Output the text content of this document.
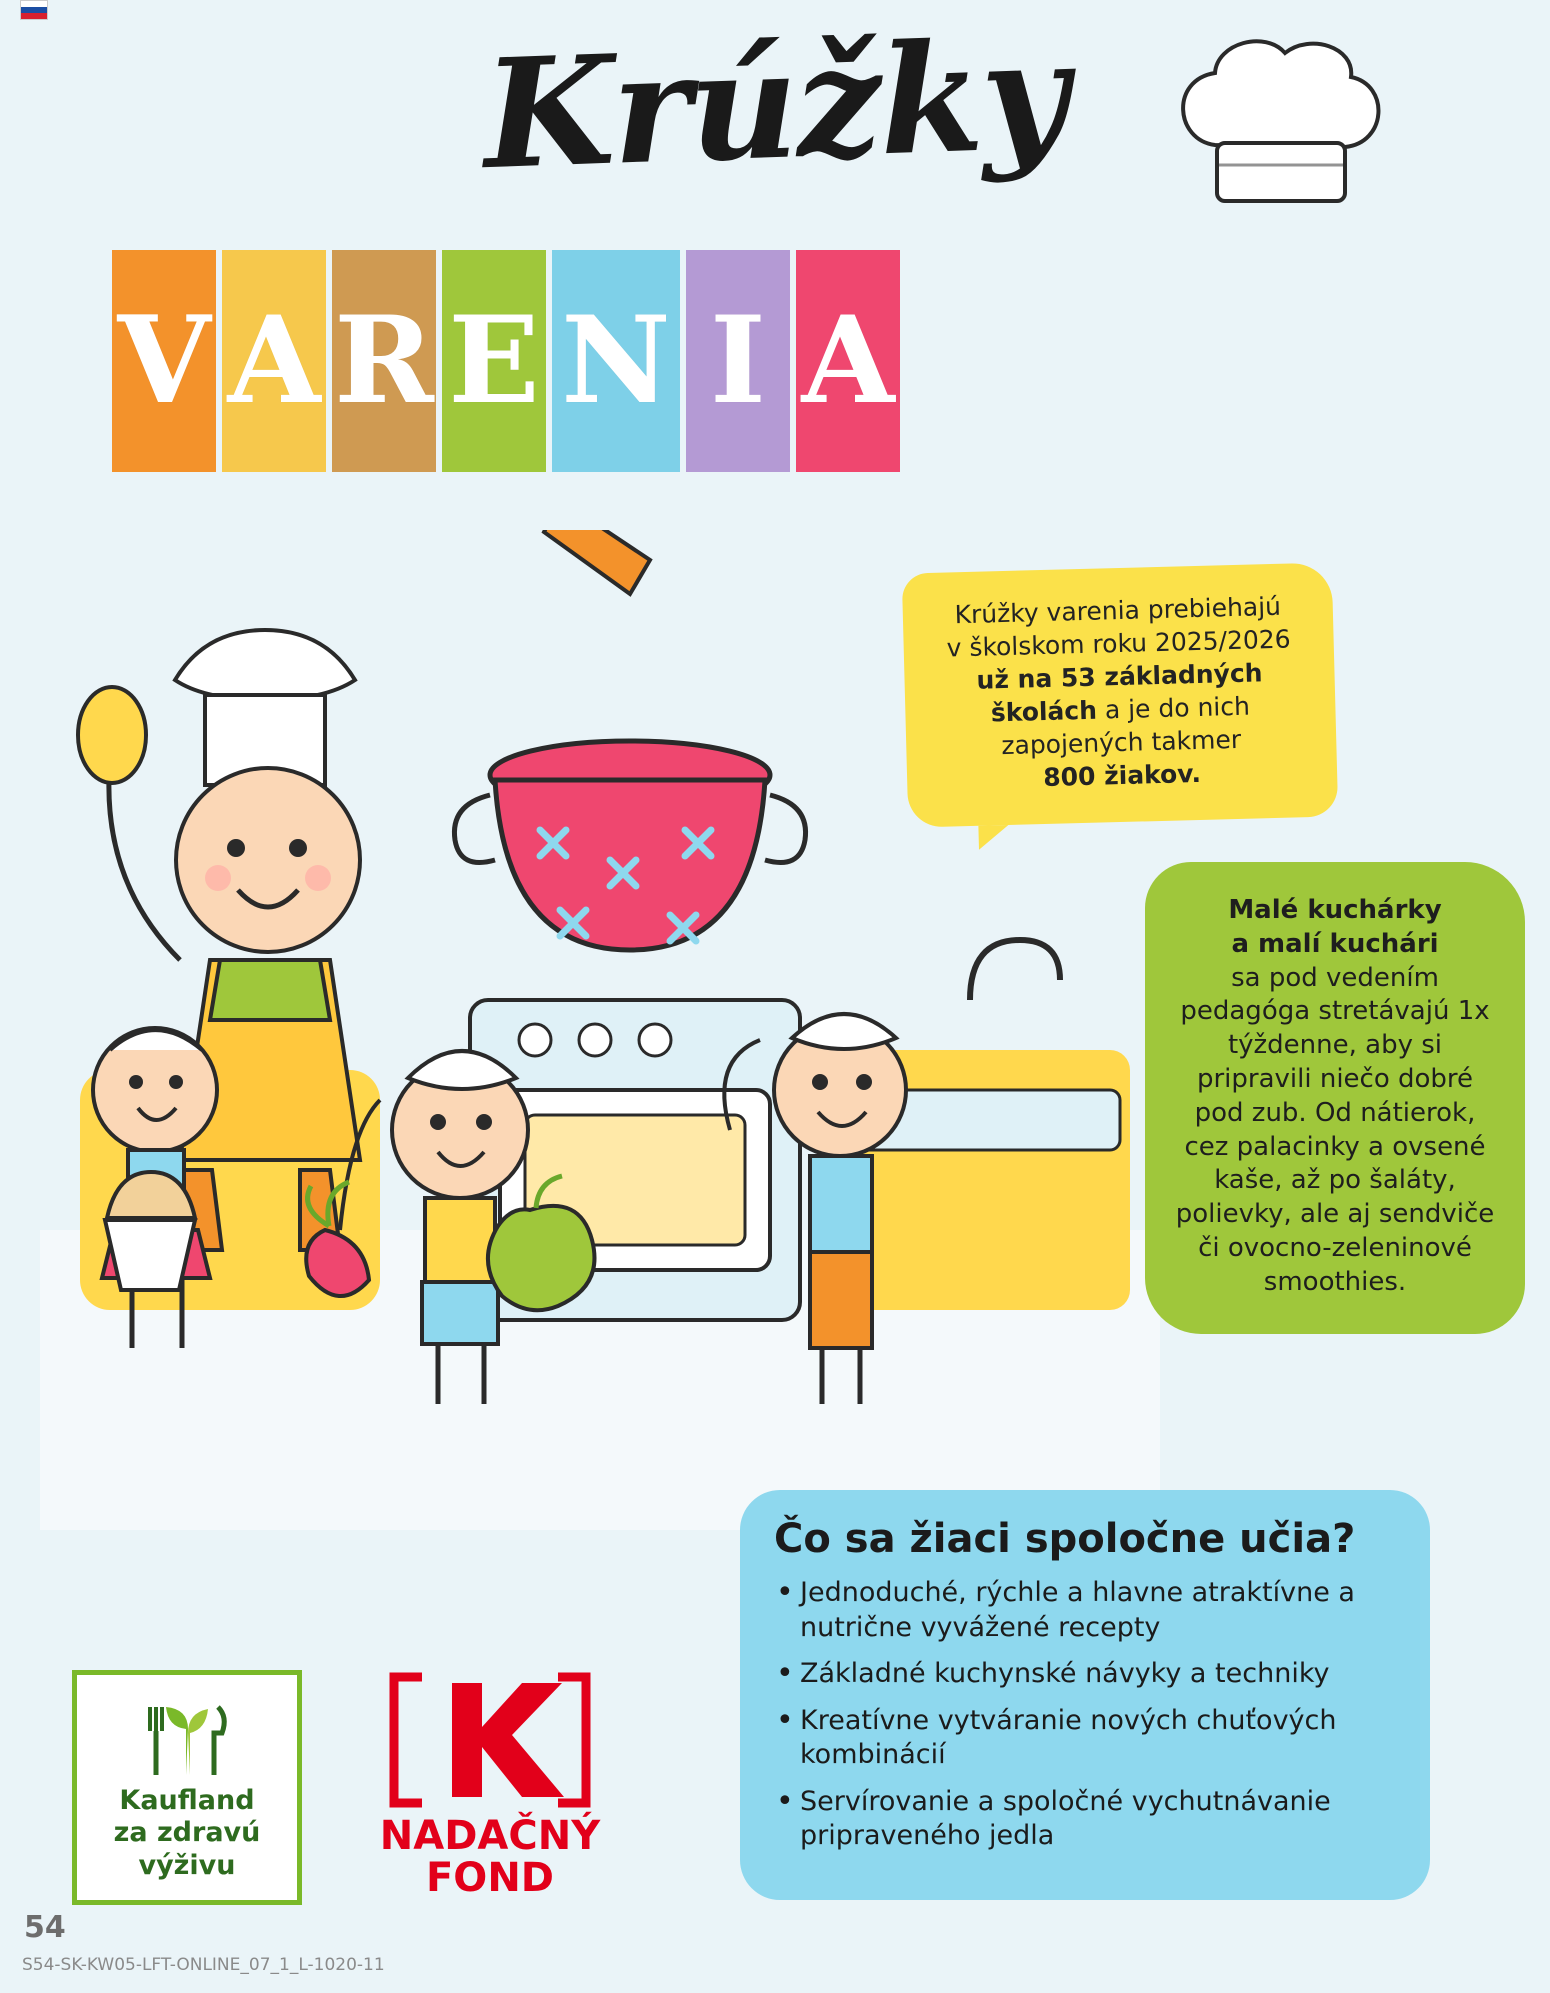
Krúžky
V A R E N I A
Krúžky varenia prebiehajú
v školskom roku 2025/2026
už na 53 základných
školách a je do nich
zapojených takmer
800 žiakov.
Malé kuchárky
a malí kuchári
sa pod vedením pedagóga stretávajú 1x týždenne, aby si pripravili niečo dobré pod zub. Od nátierok, cez palacinky a ovsené kaše, až po šaláty, polievky, ale aj sendviče či ovocno-zeleninové smoothies.
Čo sa žiaci spoločne učia?
• Jednoduché, rýchle a hlavne atraktívne a nutrične vyvážené recepty
• Základné kuchynské návyky a techniky
• Kreatívne vytváranie nových chuťových kombinácií
• Servírovanie a spoločné vychutnávanie pripraveného jedla
Kaufland
za zdravú
výživu
NADAČNÝ
FOND
54
S54-SK-KW05-LFT-ONLINE_07_1_L-1020-11
